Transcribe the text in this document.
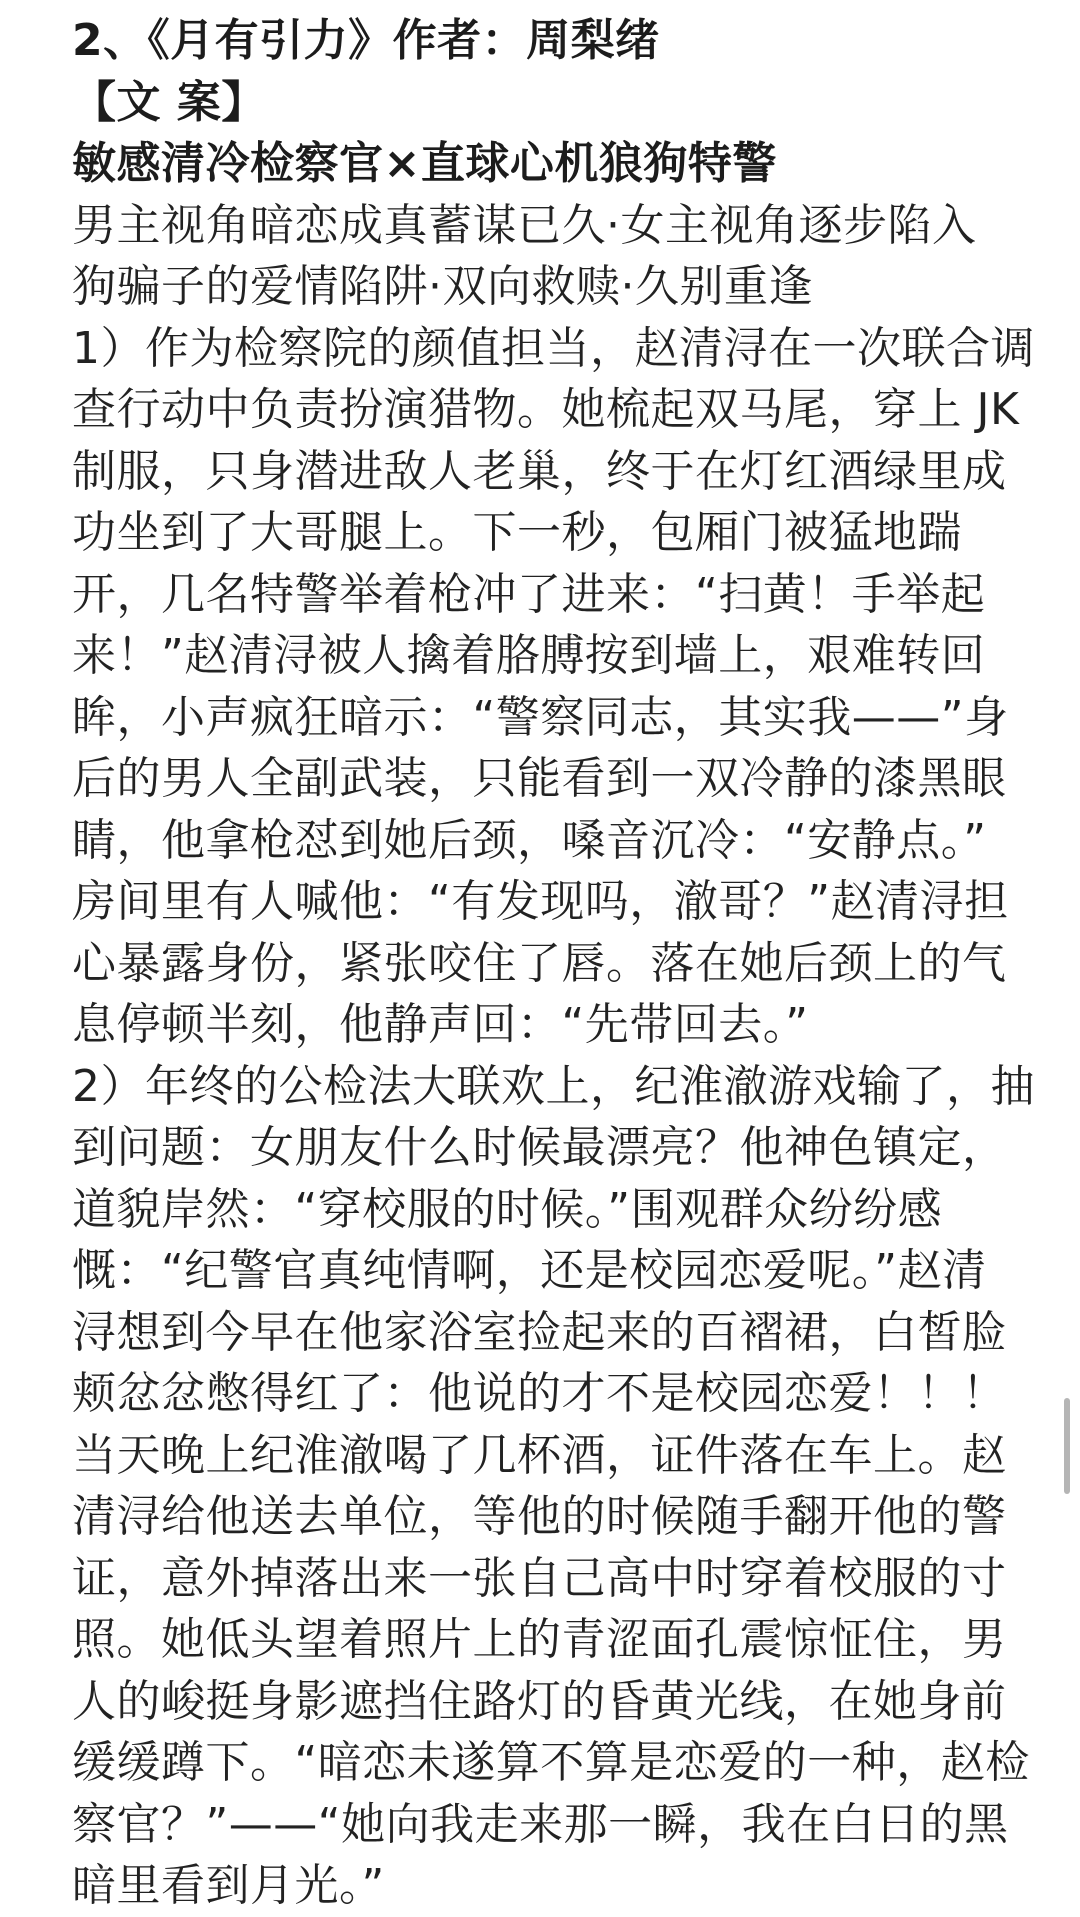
2、《月有引力》作者：周梨绪
【文 案】
敏感清冷检察官×直球心机狼狗特警
男主视角暗恋成真蓄谋已久·女主视角逐步陷入
狗骗子的爱情陷阱·双向救赎·久别重逢
1）作为检察院的颜值担当，赵清浔在一次联合调
查行动中负责扮演猎物。她梳起双马尾，穿上 JK
制服，只身潜进敌人老巢，终于在灯红酒绿里成
功坐到了大哥腿上。下一秒，包厢门被猛地踹
开，几名特警举着枪冲了进来：“扫黄！手举起
来！”赵清浔被人擒着胳膊按到墙上，艰难转回
眸，小声疯狂暗示：“警察同志，其实我——”身
后的男人全副武装，只能看到一双冷静的漆黑眼
睛，他拿枪怼到她后颈，嗓音沉冷：“安静点。”
房间里有人喊他：“有发现吗，澈哥？”赵清浔担
心暴露身份，紧张咬住了唇。落在她后颈上的气
息停顿半刻，他静声回：“先带回去。”
2）年终的公检法大联欢上，纪淮澈游戏输了，抽
到问题：女朋友什么时候最漂亮？他神色镇定，
道貌岸然：“穿校服的时候。”围观群众纷纷感
慨：“纪警官真纯情啊，还是校园恋爱呢。”赵清
浔想到今早在他家浴室捡起来的百褶裙，白皙脸
颊忿忿憋得红了：他说的才不是校园恋爱！！！
当天晚上纪淮澈喝了几杯酒，证件落在车上。赵
清浔给他送去单位，等他的时候随手翻开他的警
证，意外掉落出来一张自己高中时穿着校服的寸
照。她低头望着照片上的青涩面孔震惊怔住，男
人的峻挺身影遮挡住路灯的昏黄光线，在她身前
缓缓蹲下。“暗恋未遂算不算是恋爱的一种，赵检
察官？”——“她向我走来那一瞬，我在白日的黑
暗里看到月光。”
